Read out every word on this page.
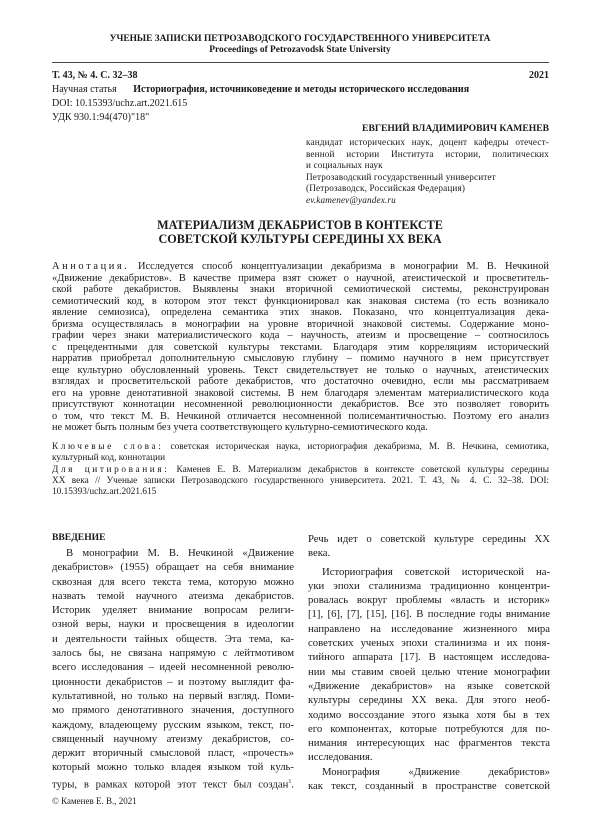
УЧЕНЫЕ ЗАПИСКИ ПЕТРОЗАВОДСКОГО ГОСУДАРСТВЕННОГО УНИВЕРСИТЕТА
Proceedings of Petrozavodsk State University
Т. 43, № 4. С. 32–38	2021
Научная статья Историография, источниковедение и методы исторического исследования
DOI: 10.15393/uchz.art.2021.615
УДК 930.1:94(470)"18"
ЕВГЕНИЙ ВЛАДИМИРОВИЧ КАМЕНЕВ
кандидат исторических наук, доцент кафедры отечест-
венной истории Института истории, политических
и социальных наук
Петрозаводский государственный университет
(Петрозаводск, Российская Федерация)
ev.kamenev@yandex.ru
МАТЕРИАЛИЗМ ДЕКАБРИСТОВ В КОНТЕКСТЕ
СОВЕТСКОЙ КУЛЬТУРЫ СЕРЕДИНЫ XX ВЕКА
Аннотация. Исследуется способ концептуализации декабризма в монографии М. В. Нечкиной
«Движение декабристов». В качестве примера взят сюжет о научной, атеистической и просветитель-
ской работе декабристов. Выявлены знаки вторичной семиотической системы, реконструирован
семиотический код, в котором этот текст функционировал как знаковая система (то есть возникало
явление семиозиса), определена семантика этих знаков. Показано, что концептуализация дека-
бризма осуществлялась в монографии на уровне вторичной знаковой системы. Содержание моно-
графии через знаки материалистического кода – научность, атеизм и просвещение – соотносилось
с прецедентными для советской культуры текстами. Благодаря этим корреляциям исторический
нарратив приобретал дополнительную смысловую глубину – помимо научного в нем присутствует
еще культурно обусловленный уровень. Текст свидетельствует не только о научных, атеистических
взглядах и просветительской работе декабристов, что достаточно очевидно, если мы рассматриваем
его на уровне денотативной знаковой системы. В нем благодаря элементам материалистического кода
присутствуют коннотации несомненной революционности декабристов. Все это позволяет говорить
о том, что текст М. В. Нечкиной отличается несомненной полисемантичностью. Поэтому его анализ
не может быть полным без учета соответствующего культурно-семиотического кода.
Ключевые слова: советская историческая наука, историография декабризма, М. В. Нечкина, семиотика,
культурный код, коннотации
Для цитирования: Каменев Е. В. Материализм декабристов в контексте советской культуры середины
XX века // Ученые записки Петрозаводского государственного университета. 2021. Т. 43, № 4. С. 32–38. DOI:
10.15393/uchz.art.2021.615
ВВЕДЕНИЕ
В монографии М. В. Нечкиной «Движение
декабристов» (1955) обращает на себя внимание
сквозная для всего текста тема, которую можно
назвать темой научного атеизма декабристов.
Историк уделяет внимание вопросам религи-
озной веры, науки и просвещения в идеологии
и деятельности тайных обществ. Эта тема, ка-
залось бы, не связана напрямую с лейтмотивом
всего исследования – идеей несомненной револю-
ционности декабристов – и поэтому выглядит фа-
культативной, но только на первый взгляд. Поми-
мо прямого денотативного значения, доступного
каждому, владеющему русским языком, текст, по-
священный научному атеизму декабристов, со-
держит вторичный смысловой пласт, «прочесть»
который можно только владея языком той куль-
туры, в рамках которой этот текст был создан$^1$.
Речь идет о советской культуре середины XX
века.
Историография советской исторической на-
уки эпохи сталинизма традиционно концентри-
ровалась вокруг проблемы «власть и историк»
[1], [6], [7], [15], [16]. В последние годы внимание
направлено на исследование жизненного мира
советских ученых эпохи сталинизма и их поня-
тийного аппарата [17]. В настоящем исследова-
нии мы ставим своей целью чтение монографии
«Движение декабристов» на языке советской
культуры середины XX века. Для этого необ-
ходимо воссоздание этого языка хотя бы в тех
его компонентах, которые потребуются для по-
нимания интересующих нас фрагментов текста
исследования.
Монография «Движение декабристов»
как текст, созданный в пространстве советской
© Каменев Е. В., 2021
